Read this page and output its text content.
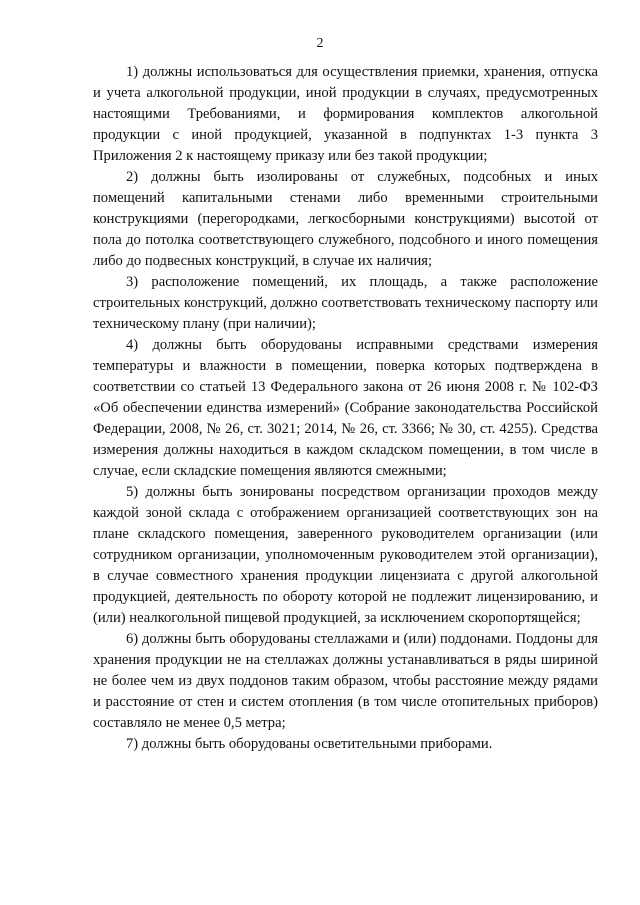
2

1) должны использоваться для осуществления приемки, хранения, отпуска и учета алкогольной продукции, иной продукции в случаях, предусмотренных настоящими Требованиями, и формирования комплектов алкогольной продукции с иной продукцией, указанной в подпунктах 1-3 пункта 3 Приложения 2 к настоящему приказу или без такой продукции;

2) должны быть изолированы от служебных, подсобных и иных помещений капитальными стенами либо временными строительными конструкциями (перегородками, легкосборными конструкциями) высотой от пола до потолка соответствующего служебного, подсобного и иного помещения либо до подвесных конструкций, в случае их наличия;

3) расположение помещений, их площадь, а также расположение строительных конструкций, должно соответствовать техническому паспорту или техническому плану (при наличии);

4) должны быть оборудованы исправными средствами измерения температуры и влажности в помещении, поверка которых подтверждена в соответствии со статьей 13 Федерального закона от 26 июня 2008 г. № 102-ФЗ «Об обеспечении единства измерений» (Собрание законодательства Российской Федерации, 2008, № 26, ст. 3021; 2014, № 26, ст. 3366; № 30, ст. 4255). Средства измерения должны находиться в каждом складском помещении, в том числе в случае, если складские помещения являются смежными;

5) должны быть зонированы посредством организации проходов между каждой зоной склада с отображением организацией соответствующих зон на плане складского помещения, заверенного руководителем организации (или сотрудником организации, уполномоченным руководителем этой организации), в случае совместного хранения продукции лицензиата с другой алкогольной продукцией, деятельность по обороту которой не подлежит лицензированию, и (или) неалкогольной пищевой продукцией, за исключением скоропортящейся;

6) должны быть оборудованы стеллажами и (или) поддонами. Поддоны для хранения продукции не на стеллажах должны устанавливаться в ряды шириной не более чем из двух поддонов таким образом, чтобы расстояние между рядами и расстояние от стен и систем отопления (в том числе отопительных приборов) составляло не менее 0,5 метра;

7) должны быть оборудованы осветительными приборами.
